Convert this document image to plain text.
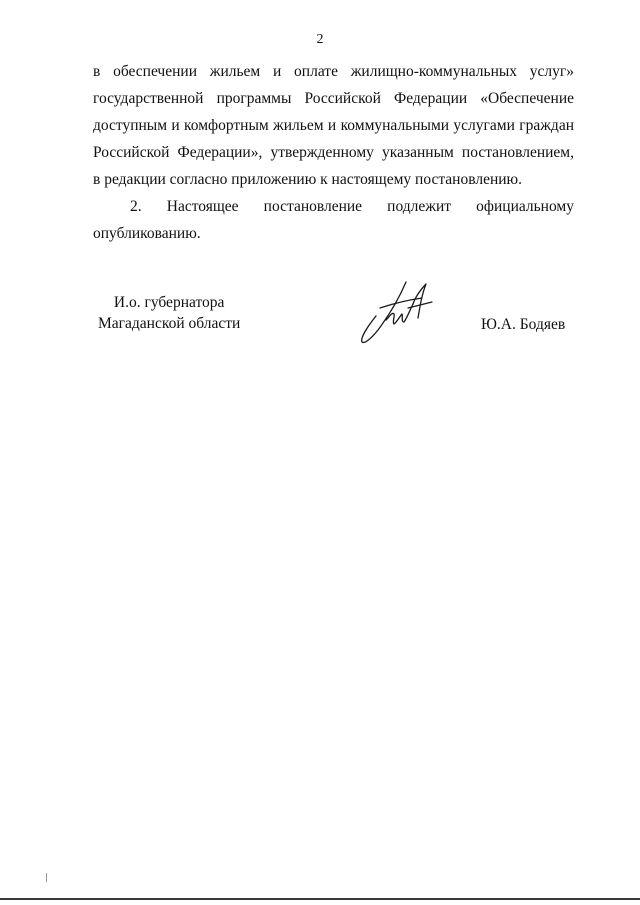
2
в обеспечении жильем и оплате жилищно-коммунальных услуг»
государственной программы Российской Федерации «Обеспечение
доступным и комфортным жильем и коммунальными услугами граждан
Российской Федерации», утвержденному указанным постановлением,
в редакции согласно приложению к настоящему постановлению.
2. Настоящее постановление подлежит официальному
опубликованию.
И.о. губернатора
Магаданской области	Ю.А. Бодяев
